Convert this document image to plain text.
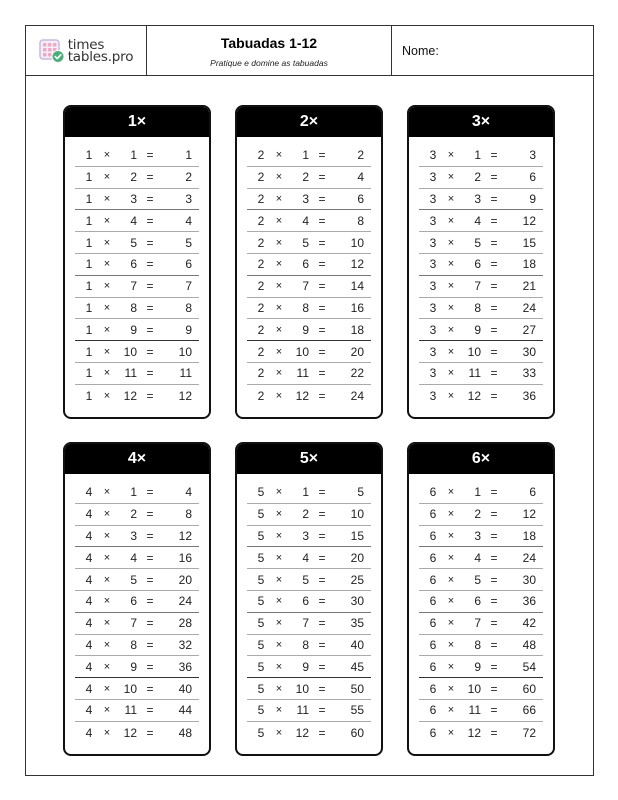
times
tables.pro
Tabuadas 1-12
Pratique e domine as tabuadas
Nome:
1×
1	×	1 =	1
1	×	2 =	2
1	×	3 =	3
1	×	4 =	4
1	×	5 =	5
1	×	6 =	6
1	×	7 =	7
1	×	8 =	8
1	×	9 =	9
1	×	10 =	10
1	×	11 =	11
1	×	12 =	12
2×
2	×	1 =	2
2	×	2 =	4
2	×	3 =	6
2	×	4 =	8
2	×	5 =	10
2	×	6 =	12
2	×	7 =	14
2	×	8 =	16
2	×	9 =	18
2	×	10 =	20
2	×	11 =	22
2	×	12 =	24
3×
3	×	1 =	3
3	×	2 =	6
3	×	3 =	9
3	×	4 =	12
3	×	5 =	15
3	×	6 =	18
3	×	7 =	21
3	×	8 =	24
3	×	9 =	27
3	×	10 =	30
3	×	11 =	33
3	×	12 =	36
4×
4	×	1 =	4
4	×	2 =	8
4	×	3 =	12
4	×	4 =	16
4	×	5 =	20
4	×	6 =	24
4	×	7 =	28
4	×	8 =	32
4	×	9 =	36
4	×	10 =	40
4	×	11 =	44
4	×	12 =	48
5×
5	×	1 =	5
5	×	2 =	10
5	×	3 =	15
5	×	4 =	20
5	×	5 =	25
5	×	6 =	30
5	×	7 =	35
5	×	8 =	40
5	×	9 =	45
5	×	10 =	50
5	×	11 =	55
5	×	12 =	60
6×
6	×	1 =	6
6	×	2 =	12
6	×	3 =	18
6	×	4 =	24
6	×	5 =	30
6	×	6 =	36
6	×	7 =	42
6	×	8 =	48
6	×	9 =	54
6	×	10 =	60
6	×	11 =	66
6	×	12 =	72
